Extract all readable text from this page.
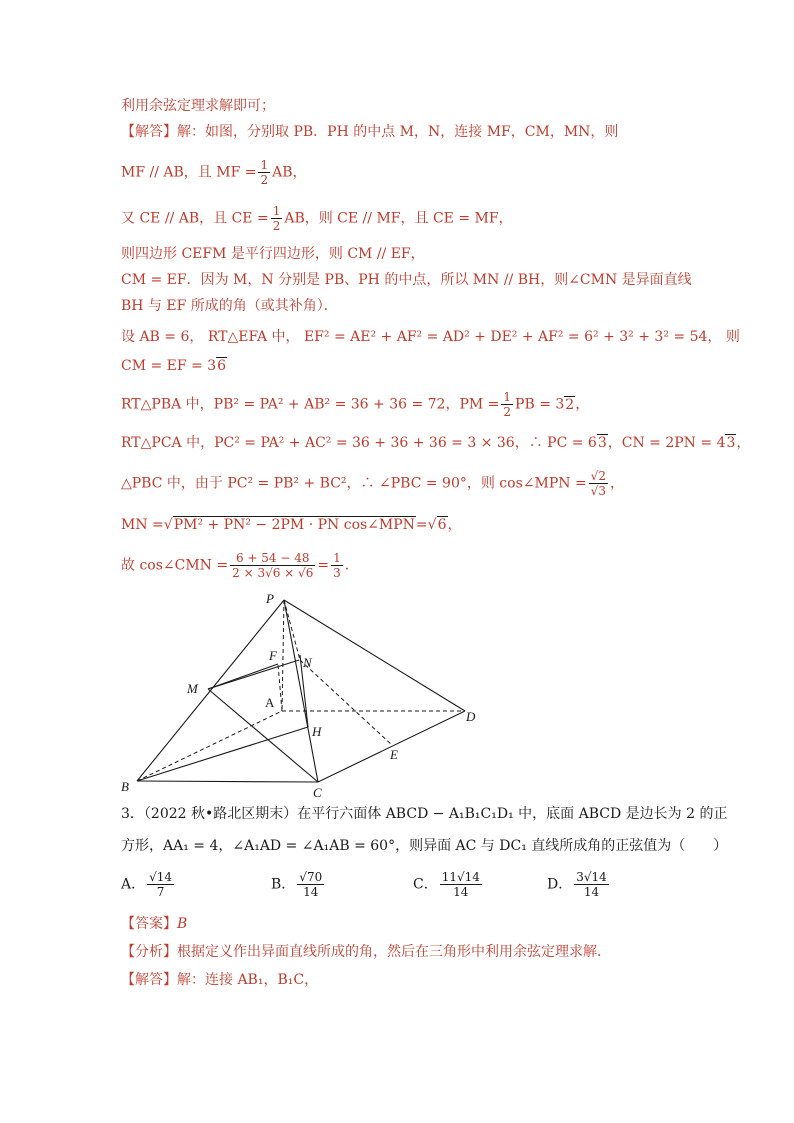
利用余弦定理求解即可；
【解答】解：如图，分别取 PB．PH 的中点 M，N，连接 MF，CM，MN，则
MF // AB，且 MF = $\frac{1}{2}$ AB，
又 CE // AB，且 CE = $\frac{1}{2}$ AB，则 CE // MF，且 CE = MF，
则四边形 CEFM 是平行四边形，则 CM // EF，
CM = EF．因为 M，N 分别是 PB、PH 的中点，所以 MN // BH，则∠CMN 是异面直线
BH 与 EF 所成的角（或其补角）．
设 AB = 6， RT△EFA 中， EF² = AE² + AF² = AD² + DE² + AF² = 6² + 3² + 3² = 54， 则
CM = EF = 36
RT△PBA 中，PB² = PA² + AB² = 36 + 36 = 72，PM = $\frac{1}{2}$ PB = 32，
RT△PCA 中，PC² = PA² + AC² = 36 + 36 + 36 = 3 × 36，∴ PC = 63，CN = 2PN = 43，
△PBC 中，由于 PC² = PB² + BC²，∴ ∠PBC = 90°，则 cos∠MPN = $\frac{√2}{√3}$ ，
MN =√PM² + PN² − 2PM · PN cos∠MPN=√6，
故 cos∠CMN = $\frac{6 + 54 - 48}{2 \times 3√6 \times √6} = \frac{1}{3}$ ．
P
F N
M
A
H
D
E
B	C
3．（2022 秋•路北区期末）在平行六面体 ABCD − A₁B₁C₁D₁ 中，底面 ABCD 是边长为 2 的正
方形，AA₁ = 4，∠A₁AD = ∠A₁AB = 60°，则异面 AC 与 DC₁ 直线所成角的正弦值为（　　）
A． $\frac{√14}{7}$	B． $\frac{√70}{14}$	C． $\frac{11√14}{14}$	D． $\frac{3√14}{14}$
【答案】B
【分析】根据定义作出异面直线所成的角，然后在三角形中利用余弦定理求解．
【解答】解：连接 AB₁，B₁C，
